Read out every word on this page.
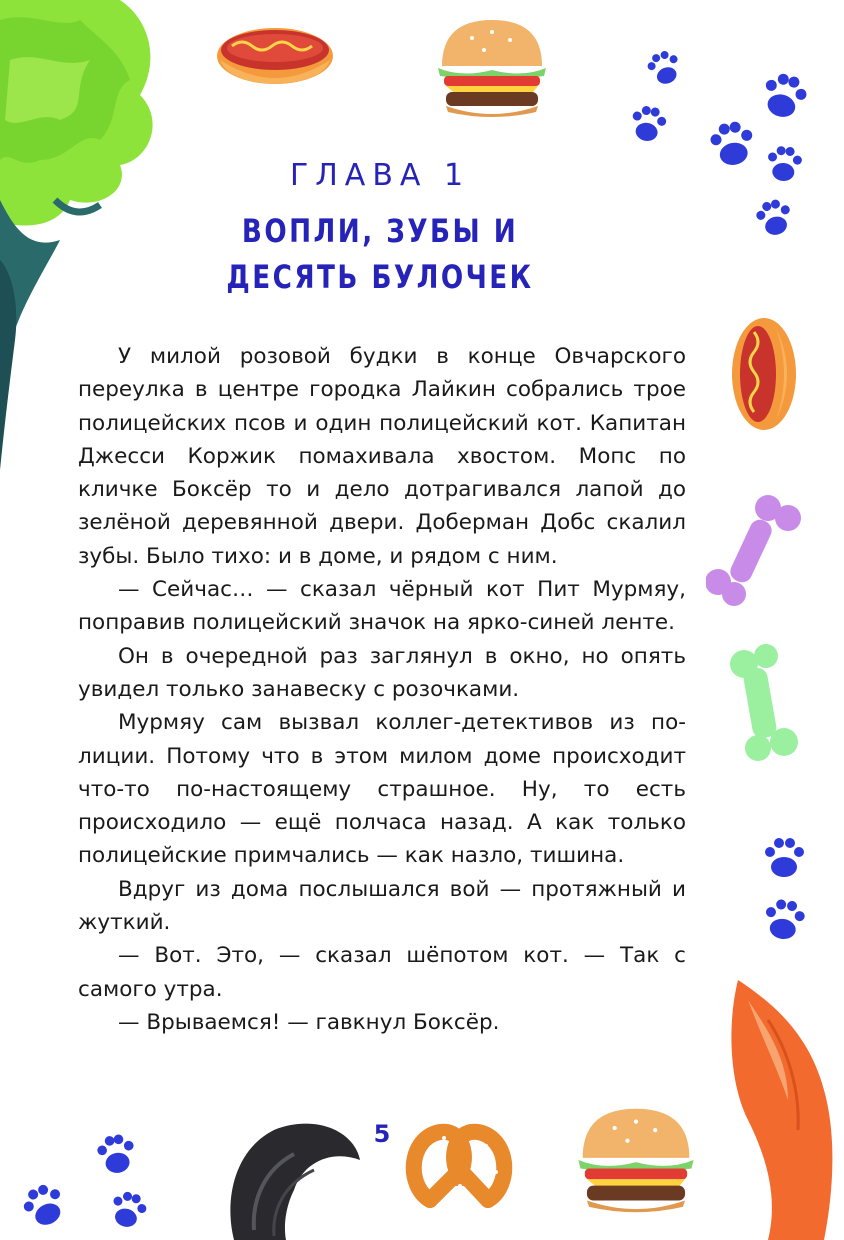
ГЛАВА 1
ВОПЛИ, ЗУБЫ И ДЕСЯТЬ БУЛОЧЕК

У милой розовой будки в конце Овчарского переулка в центре городка Лайкин собрались трое полицейских псов и один полицейский кот. Капитан Джесси Коржик помахивала хвостом. Мопс по кличке Боксёр то и дело дотрагивался лапой до зелёной деревянной двери. Доберман Добс скалил зубы. Было тихо: и в доме, и рядом с ним.

— Сейчас… — сказал чёрный кот Пит Мурмяу, поправив полицейский значок на ярко-синей ленте.

Он в очередной раз заглянул в окно, но опять увидел только занавеску с розочками.

Мурмяу сам вызвал коллег-детективов из полиции. Потому что в этом милом доме происходит что-то по-настоящему страшное. Ну, то есть происходило — ещё полчаса назад. А как только полицейские примчались — как назло, тишина.

Вдруг из дома послышался вой — протяжный и жуткий.

— Вот. Это, — сказал шёпотом кот. — Так с самого утра.

— Врываемся! — гавкнул Боксёр.

5
